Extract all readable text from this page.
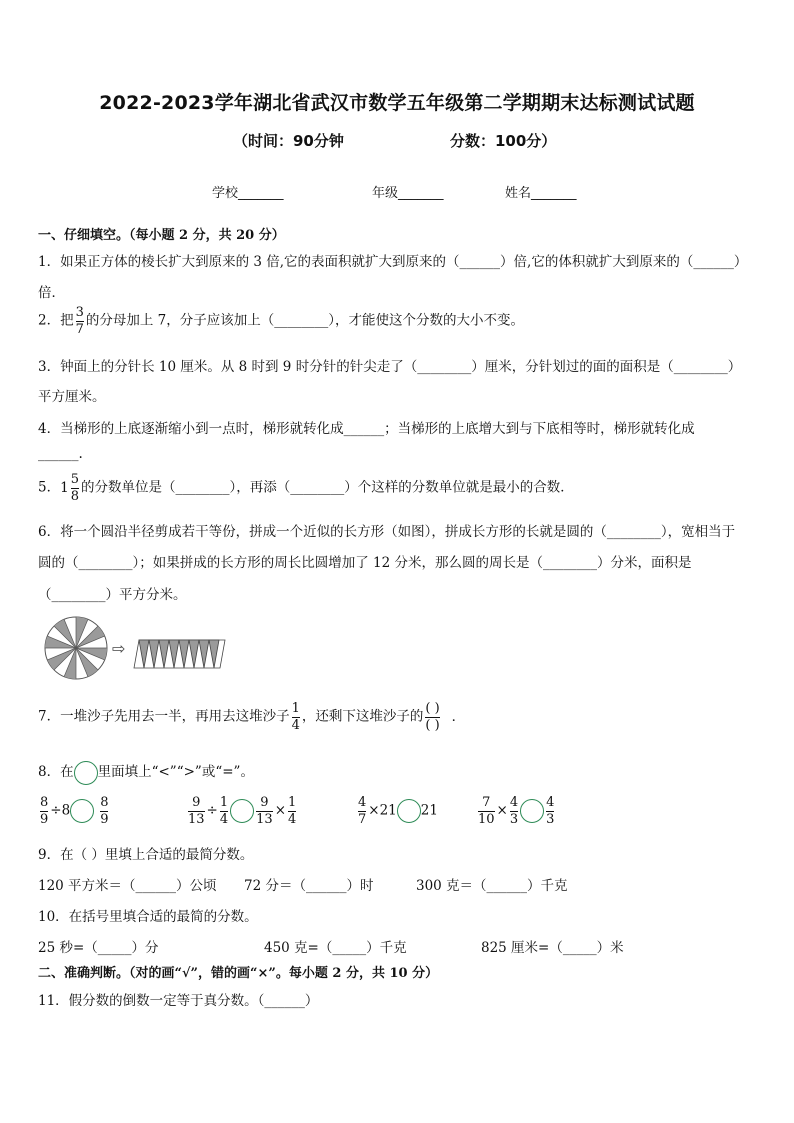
2022-2023学年湖北省武汉市数学五年级第二学期期末达标测试试题
（时间：90分钟	分数：100分）
学校_______	年级_______	姓名_______
一、仔细填空。（每小题 2 分，共 20 分）
1．如果正方体的棱长扩大到原来的 3 倍,它的表面积就扩大到原来的（______）倍,它的体积就扩大到原来的（______）
倍．
2．把 $\frac{3}{7}$ 的分母加上 7，分子应该加上（________），才能使这个分数的大小不变。
3．钟面上的分针长 10 厘米。从 8 时到 9 时分针的针尖走了（________）厘米，分针划过的面的面积是（________）
平方厘米。
4．当梯形的上底逐渐缩小到一点时，梯形就转化成______；当梯形的上底增大到与下底相等时，梯形就转化成
______.
5． $1 \frac{5}{8}$ 的分数单位是（________），再添（________）个这样的分数单位就是最小的合数．
6．将一个圆沿半径剪成若干等份，拼成一个近似的长方形（如图），拼成长方形的长就是圆的（________），宽相当于
圆的（________）；如果拼成的长方形的周长比圆增加了 12 分米，那么圆的周长是（________）分米，面积是
（________）平方分米。
⇨
7．一堆沙子先用去一半，再用去这堆沙子 $\frac{1}{4}$ ，还剩下这堆沙子的 $\frac{( )}{( )}$ ．
8．在 里面填上“<”“>”或“=”。
$\frac{8}{9} \div 8 \frac{8}{9}$	$\frac{9}{13} \div \frac{1}{4} \frac{9}{13} \times \frac{1}{4}$	$\frac{4}{7} \times 21$ 21	$\frac{7}{10} \times \frac{4}{3} \frac{4}{3}$
9．在（ ）里填上合适的最简分数。
120 平方米＝（______）公顷 72 分＝（______）时	300 克＝（______）千克
10．在括号里填合适的最简的分数。
25 秒=（_____）分	450 克=（_____）千克	825 厘米=（_____）米
二、准确判断。（对的画“√”，错的画“×”。每小题 2 分，共 10 分）
11．假分数的倒数一定等于真分数。（______）
